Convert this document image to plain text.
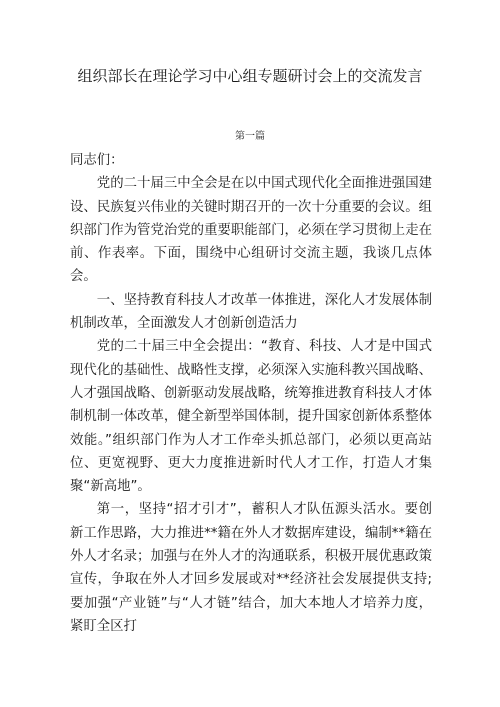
组织部长在理论学习中心组专题研讨会上的交流发言
第一篇

同志们：

党的二十届三中全会是在以中国式现代化全面推进强国建设、民族复兴伟业的关键时期召开的一次十分重要的会议。组织部门作为管党治党的重要职能部门，必须在学习贯彻上走在前、作表率。下面，围绕中心组研讨交流主题，我谈几点体会。

一、坚持教育科技人才改革一体推进，深化人才发展体制机制改革，全面激发人才创新创造活力

党的二十届三中全会提出：“教育、科技、人才是中国式现代化的基础性、战略性支撑，必须深入实施科教兴国战略、人才强国战略、创新驱动发展战略，统筹推进教育科技人才体制机制一体改革，健全新型举国体制，提升国家创新体系整体效能。”组织部门作为人才工作牵头抓总部门，必须以更高站位、更宽视野、更大力度推进新时代人才工作，打造人才集聚“新高地”。

第一，坚持“招才引才”，蓄积人才队伍源头活水。要创新工作思路，大力推进**籍在外人才数据库建设，编制**籍在外人才名录；加强与在外人才的沟通联系，积极开展优惠政策宣传，争取在外人才回乡发展或对**经济社会发展提供支持;要加强“产业链”与“人才链”结合，加大本地人才培养力度，紧盯全区打
